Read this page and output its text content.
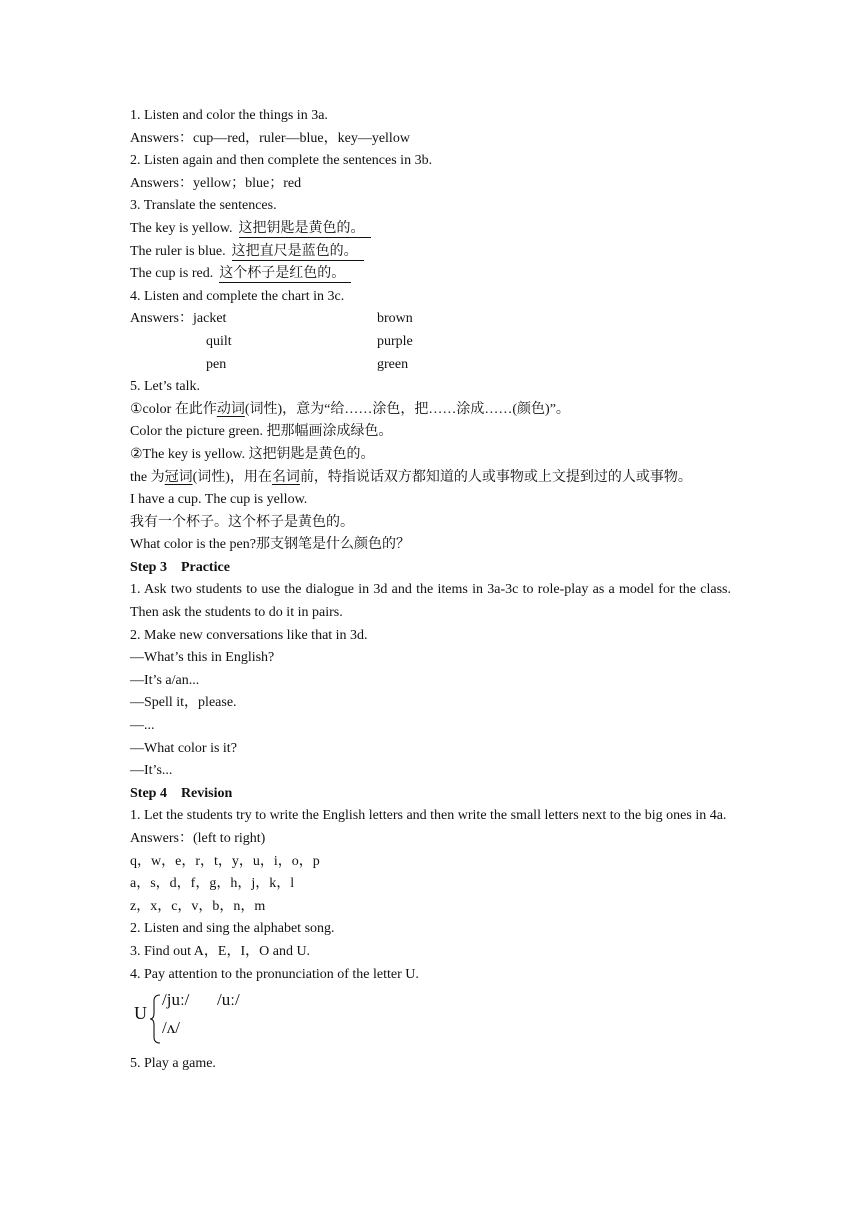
1. Listen and color the things in 3a.
Answers：cup—red，ruler—blue，key—yellow
2. Listen again and then complete the sentences in 3b.
Answers：yellow；blue；red
3. Translate the sentences.
The key is yellow. 这把钥匙是黄色的。
The ruler is blue. 这把直尺是蓝色的。
The cup is red. 这个杯子是红色的。
4. Listen and complete the chart in 3c.
Answers：jacket	brown
quilt	purple
pen	green
5. Let’s talk.
①color 在此作动词(词性)，意为“给……涂色，把……涂成……(颜色)”。
Color the picture green. 把那幅画涂成绿色。
②The key is yellow. 这把钥匙是黄色的。
the 为冠词(词性)，用在名词前，特指说话双方都知道的人或事物或上文提到过的人或事物。
I have a cup. The cup is yellow.
我有一个杯子。这个杯子是黄色的。
What color is the pen?那支钢笔是什么颜色的？
Step 3　Practice
1. Ask two students to use the dialogue in 3d and the items in 3a-3c to role-play as a model for the class. Then ask the students to do it in pairs.
2. Make new conversations like that in 3d.
—What’s this in English?
—It’s a/an...
—Spell it，please.
—...
—What color is it?
—It’s...
Step 4　Revision
1. Let the students try to write the English letters and then write the small letters next to the big ones in 4a.
Answers：(left to right)
q，w，e，r，t，y，u，i，o，p
a，s，d，f，g，h，j，k，l
z，x，c，v，b，n，m
2. Listen and sing the alphabet song.
3. Find out A，E，I，O and U.
4. Pay attention to the pronunciation of the letter U.
U
/juː/ /uː/
/ʌ/
5. Play a game.
